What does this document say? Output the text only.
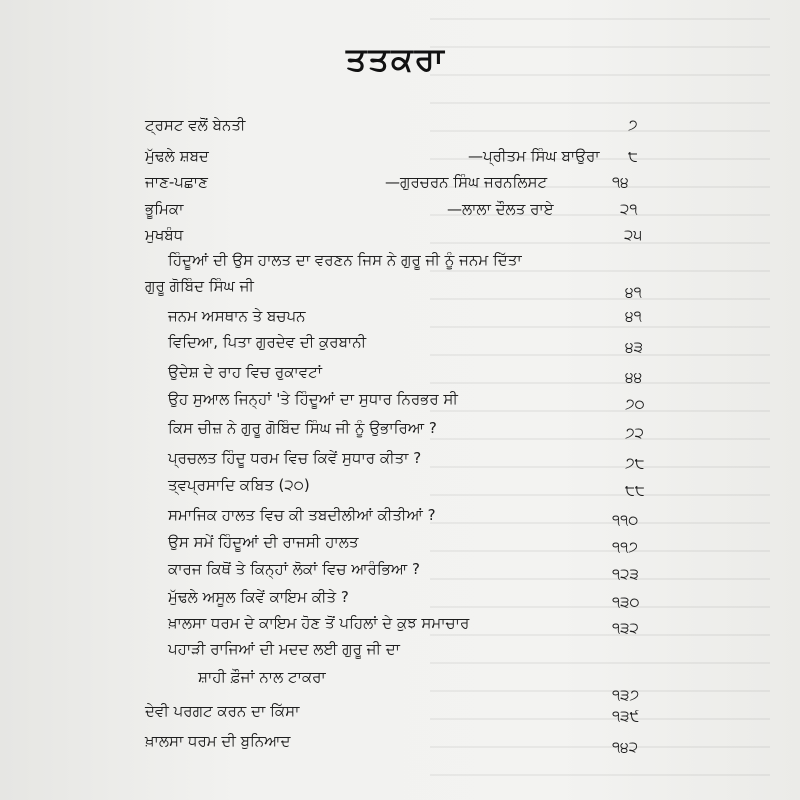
ਤਤਕਰਾ
ਟ੍ਰਸਟ ਵਲੋਂ ਬੇਨਤੀ	੭
ਮੁੱਢਲੇ ਸ਼ਬਦ	—ਪ੍ਰੀਤਮ ਸਿੰਘ ਬਾਉਰਾ ੮
ਜਾਣ-ਪਛਾਣ	—ਗੁਰਚਰਨ ਸਿੰਘ ਜਰਨਲਿਸਟ	੧੪
ਭੂਮਿਕਾ	—ਲਾਲਾ ਦੌਲਤ ਰਾਏ	੨੧
ਮੁਖਬੰਧ	੨੫
ਹਿੰਦੂਆਂ ਦੀ ਉਸ ਹਾਲਤ ਦਾ ਵਰਣਨ ਜਿਸ ਨੇ ਗੁਰੂ ਜੀ ਨੂੰ ਜਨਮ ਦਿੱਤਾ
ਗੁਰੂ ਗੋਬਿੰਦ ਸਿੰਘ ਜੀ	੪੧
ਜਨਮ ਅਸਥਾਨ ਤੇ ਬਚਪਨ	੪੧
ਵਿਦਿਆ, ਪਿਤਾ ਗੁਰਦੇਵ ਦੀ ਕੁਰਬਾਨੀ	੪੩
ਉਦੇਸ਼ ਦੇ ਰਾਹ ਵਿਚ ਰੁਕਾਵਟਾਂ	੪੪
ਉਹ ਸੁਆਲ ਜਿਨ੍ਹਾਂ 'ਤੇ ਹਿੰਦੂਆਂ ਦਾ ਸੁਧਾਰ ਨਿਰਭਰ ਸੀ	੭੦
ਕਿਸ ਚੀਜ਼ ਨੇ ਗੁਰੂ ਗੋਬਿੰਦ ਸਿੰਘ ਜੀ ਨੂੰ ਉਭਾਰਿਆ ?	੭੨
ਪ੍ਰਚਲਤ ਹਿੰਦੂ ਧਰਮ ਵਿਚ ਕਿਵੇਂ ਸੁਧਾਰ ਕੀਤਾ ?	੭੮
ਤ੍ਵਪ੍ਰਸਾਦਿ ਕਬਿਤ (੨੦)	੮੮
ਸਮਾਜਿਕ ਹਾਲਤ ਵਿਚ ਕੀ ਤਬਦੀਲੀਆਂ ਕੀਤੀਆਂ ?	੧੧੦
ਉਸ ਸਮੇਂ ਹਿੰਦੂਆਂ ਦੀ ਰਾਜਸੀ ਹਾਲਤ	੧੧੭
ਕਾਰਜ ਕਿਥੋਂ ਤੇ ਕਿਨ੍ਹਾਂ ਲੋਕਾਂ ਵਿਚ ਆਰੰਭਿਆ ?	੧੨੩
ਮੁੱਢਲੇ ਅਸੂਲ ਕਿਵੇਂ ਕਾਇਮ ਕੀਤੇ ?	੧੩੦
ਖ਼ਾਲਸਾ ਧਰਮ ਦੇ ਕਾਇਮ ਹੋਣ ਤੋਂ ਪਹਿਲਾਂ ਦੇ ਕੁਝ ਸਮਾਚਾਰ	੧੩੨
ਪਹਾੜੀ ਰਾਜਿਆਂ ਦੀ ਮਦਦ ਲਈ ਗੁਰੂ ਜੀ ਦਾ
ਸ਼ਾਹੀ ਫ਼ੌਜਾਂ ਨਾਲ ਟਾਕਰਾ
੧੩੭
ਦੇਵੀ ਪਰਗਟ ਕਰਨ ਦਾ ਕਿੱਸਾ	੧੩੯
ਖ਼ਾਲਸਾ ਧਰਮ ਦੀ ਬੁਨਿਆਦ	੧੪੨
